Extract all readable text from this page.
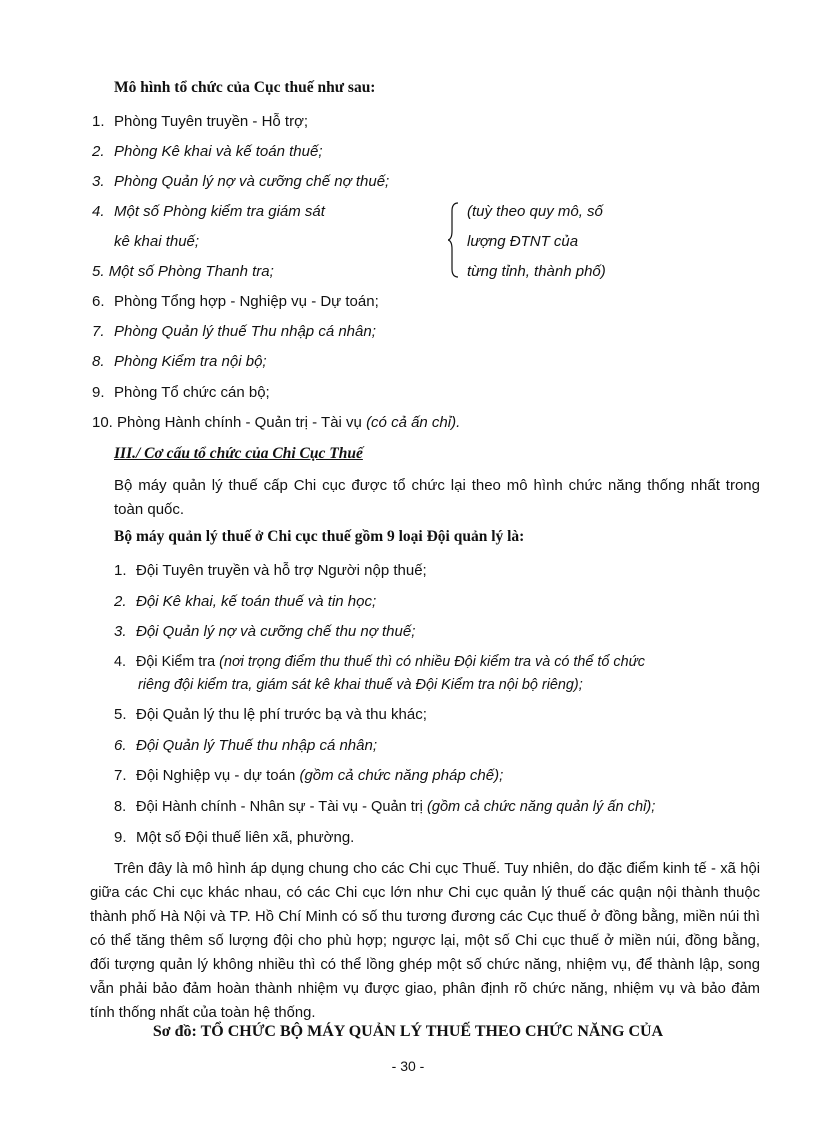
Mô hình tổ chức của Cục thuế như sau:
1. Phòng Tuyên truyền - Hỗ trợ;
2. Phòng Kê khai và kế toán thuế;
3. Phòng Quản lý nợ và cưỡng chế nợ thuế;
4. Một số Phòng kiểm tra giám sát
kê khai thuế;
5. Một số Phòng Thanh tra;
(tuỳ theo quy mô, số
lượng ĐTNT của
từng tỉnh, thành phố)
6. Phòng Tổng hợp - Nghiệp vụ - Dự toán;
7. Phòng Quản lý thuế Thu nhập cá nhân;
8. Phòng Kiểm tra nội bộ;
9. Phòng Tổ chức cán bộ;
10. Phòng Hành chính - Quản trị - Tài vụ (có cả ấn chỉ).
III./ Cơ cấu tổ chức của Chi Cục Thuế
Bộ máy quản lý thuế cấp Chi cục được tổ chức lại theo mô hình chức năng thống nhất trong toàn quốc.
Bộ máy quản lý thuế ở Chi cục thuế gồm 9 loại Đội quản lý là:
1. Đội Tuyên truyền và hỗ trợ Người nộp thuế;
2. Đội Kê khai, kế toán thuế và tin học;
3. Đội Quản lý nợ và cưỡng chế thu nợ thuế;
4. Đội Kiểm tra (nơi trọng điểm thu thuế thì có nhiều Đội kiểm tra và có thể tổ chức
riêng đội kiểm tra, giám sát kê khai thuế và Đội Kiểm tra nội bộ riêng);
5. Đội Quản lý thu lệ phí trước bạ và thu khác;
6. Đội Quản lý Thuế thu nhập cá nhân;
7. Đội Nghiệp vụ - dự toán (gồm cả chức năng pháp chế);
8. Đội Hành chính - Nhân sự - Tài vụ - Quản trị (gồm cả chức năng quản lý ấn chỉ);
9. Một số Đội thuế liên xã, phường.
Trên đây là mô hình áp dụng chung cho các Chi cục Thuế. Tuy nhiên, do đặc điểm kinh tế - xã hội giữa các Chi cục khác nhau, có các Chi cục lớn như Chi cục quản lý thuế các quận nội thành thuộc thành phố Hà Nội và TP. Hồ Chí Minh có số thu tương đương các Cục thuế ở đồng bằng, miền núi thì có thể tăng thêm số lượng đội cho phù hợp; ngược lại, một số Chi cục thuế ở miền núi, đồng bằng, đối tượng quản lý không nhiều thì có thể lồng ghép một số chức năng, nhiệm vụ, để thành lập, song vẫn phải bảo đảm hoàn thành nhiệm vụ được giao, phân định rõ chức năng, nhiệm vụ và bảo đảm tính thống nhất của toàn hệ thống.
Sơ đồ: TỔ CHỨC BỘ MÁY QUẢN LÝ THUẾ THEO CHỨC NĂNG CỦA
- 30 -
